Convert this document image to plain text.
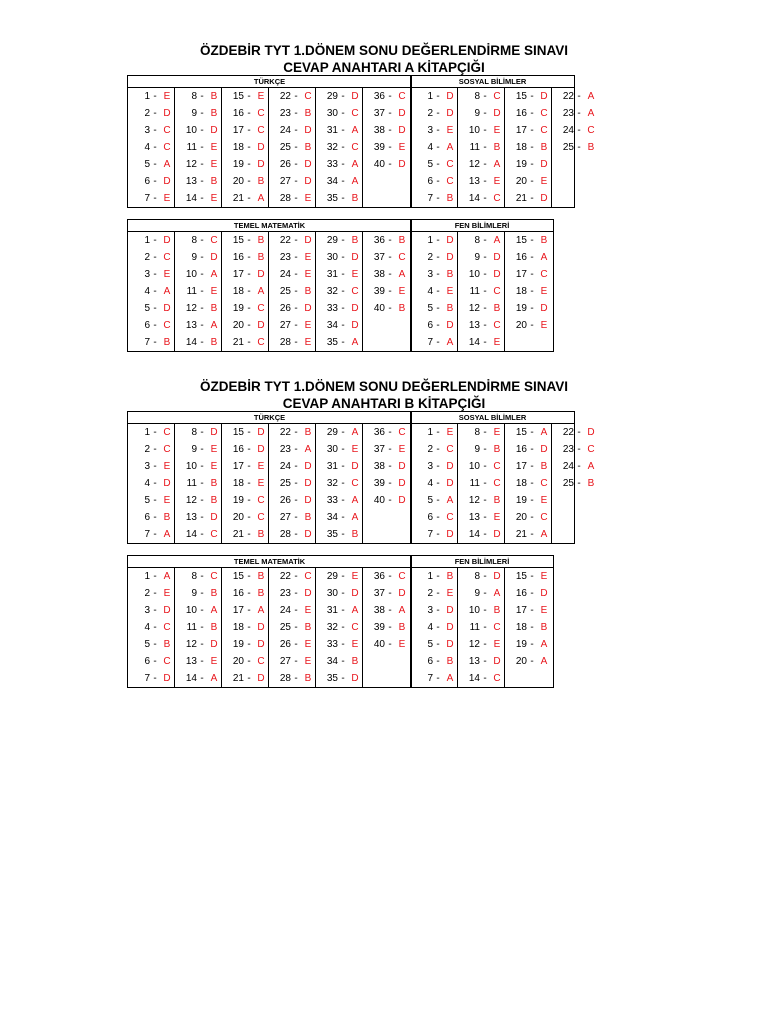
ÖZDEBİR TYT 1.DÖNEM SONU DEĞERLENDİRME SINAVI
CEVAP ANAHTARI A KİTAPÇIĞI
TÜRKÇE					
1 - E	8 - B	15 - E	22 - C	29 - D	36 - C
2 - D	9 - B	16 - C	23 - B	30 - C	37 - D
3 - C	10 - D	17 - C	24 - D	31 - A	38 - D
4 - C	11 - E	18 - D	25 - B	32 - C	39 - E
5 - A	12 - E	19 - D	26 - D	33 - A	40 - D
6 - D	13 - B	20 - B	27 - D	34 - A	
7 - E	14 - E	21 - A	28 - E	35 - B	
SOSYAL BİLİMLER			
1 - D	8 - C	15 - D	22 - A
2 - D	9 - D	16 - C	23 - A
3 - E	10 - E	17 - C	24 - C
4 - A	11 - B	18 - B	25 - B
5 - C	12 - A	19 - D	
6 - C	13 - E	20 - E	
7 - B	14 - C	21 - D	
TEMEL MATEMATİK					
1 - D	8 - C	15 - B	22 - D	29 - B	36 - B
2 - C	9 - D	16 - B	23 - E	30 - D	37 - C
3 - E	10 - A	17 - D	24 - E	31 - E	38 - A
4 - A	11 - E	18 - A	25 - B	32 - C	39 - E
5 - D	12 - B	19 - C	26 - D	33 - D	40 - B
6 - C	13 - A	20 - D	27 - E	34 - D	
7 - B	14 - B	21 - C	28 - E	35 - A	
FEN BİLİMLERİ		
1 - D	8 - A	15 - B
2 - D	9 - D	16 - A
3 - B	10 - D	17 - C
4 - E	11 - C	18 - E
5 - B	12 - B	19 - D
6 - D	13 - C	20 - E
7 - A	14 - E	
ÖZDEBİR TYT 1.DÖNEM SONU DEĞERLENDİRME SINAVI
CEVAP ANAHTARI B KİTAPÇIĞI
TÜRKÇE					
1 - C	8 - D	15 - D	22 - B	29 - A	36 - C
2 - C	9 - E	16 - D	23 - A	30 - E	37 - E
3 - E	10 - E	17 - E	24 - D	31 - D	38 - D
4 - D	11 - B	18 - E	25 - D	32 - C	39 - D
5 - E	12 - B	19 - C	26 - D	33 - A	40 - D
6 - B	13 - D	20 - C	27 - B	34 - A	
7 - A	14 - C	21 - B	28 - D	35 - B	
SOSYAL BİLİMLER			
1 - E	8 - E	15 - A	22 - D
2 - C	9 - B	16 - D	23 - C
3 - D	10 - C	17 - B	24 - A
4 - D	11 - C	18 - C	25 - B
5 - A	12 - B	19 - E	
6 - C	13 - E	20 - C	
7 - D	14 - D	21 - A	
TEMEL MATEMATİK					
1 - A	8 - C	15 - B	22 - C	29 - E	36 - C
2 - E	9 - B	16 - B	23 - D	30 - D	37 - D
3 - D	10 - A	17 - A	24 - E	31 - A	38 - A
4 - C	11 - B	18 - D	25 - B	32 - C	39 - B
5 - B	12 - D	19 - D	26 - E	33 - E	40 - E
6 - C	13 - E	20 - C	27 - E	34 - B	
7 - D	14 - A	21 - D	28 - B	35 - D	
FEN BİLİMLERİ		
1 - B	8 - D	15 - E
2 - E	9 - A	16 - D
3 - D	10 - B	17 - E
4 - D	11 - C	18 - B
5 - D	12 - E	19 - A
6 - B	13 - D	20 - A
7 - A	14 - C	
